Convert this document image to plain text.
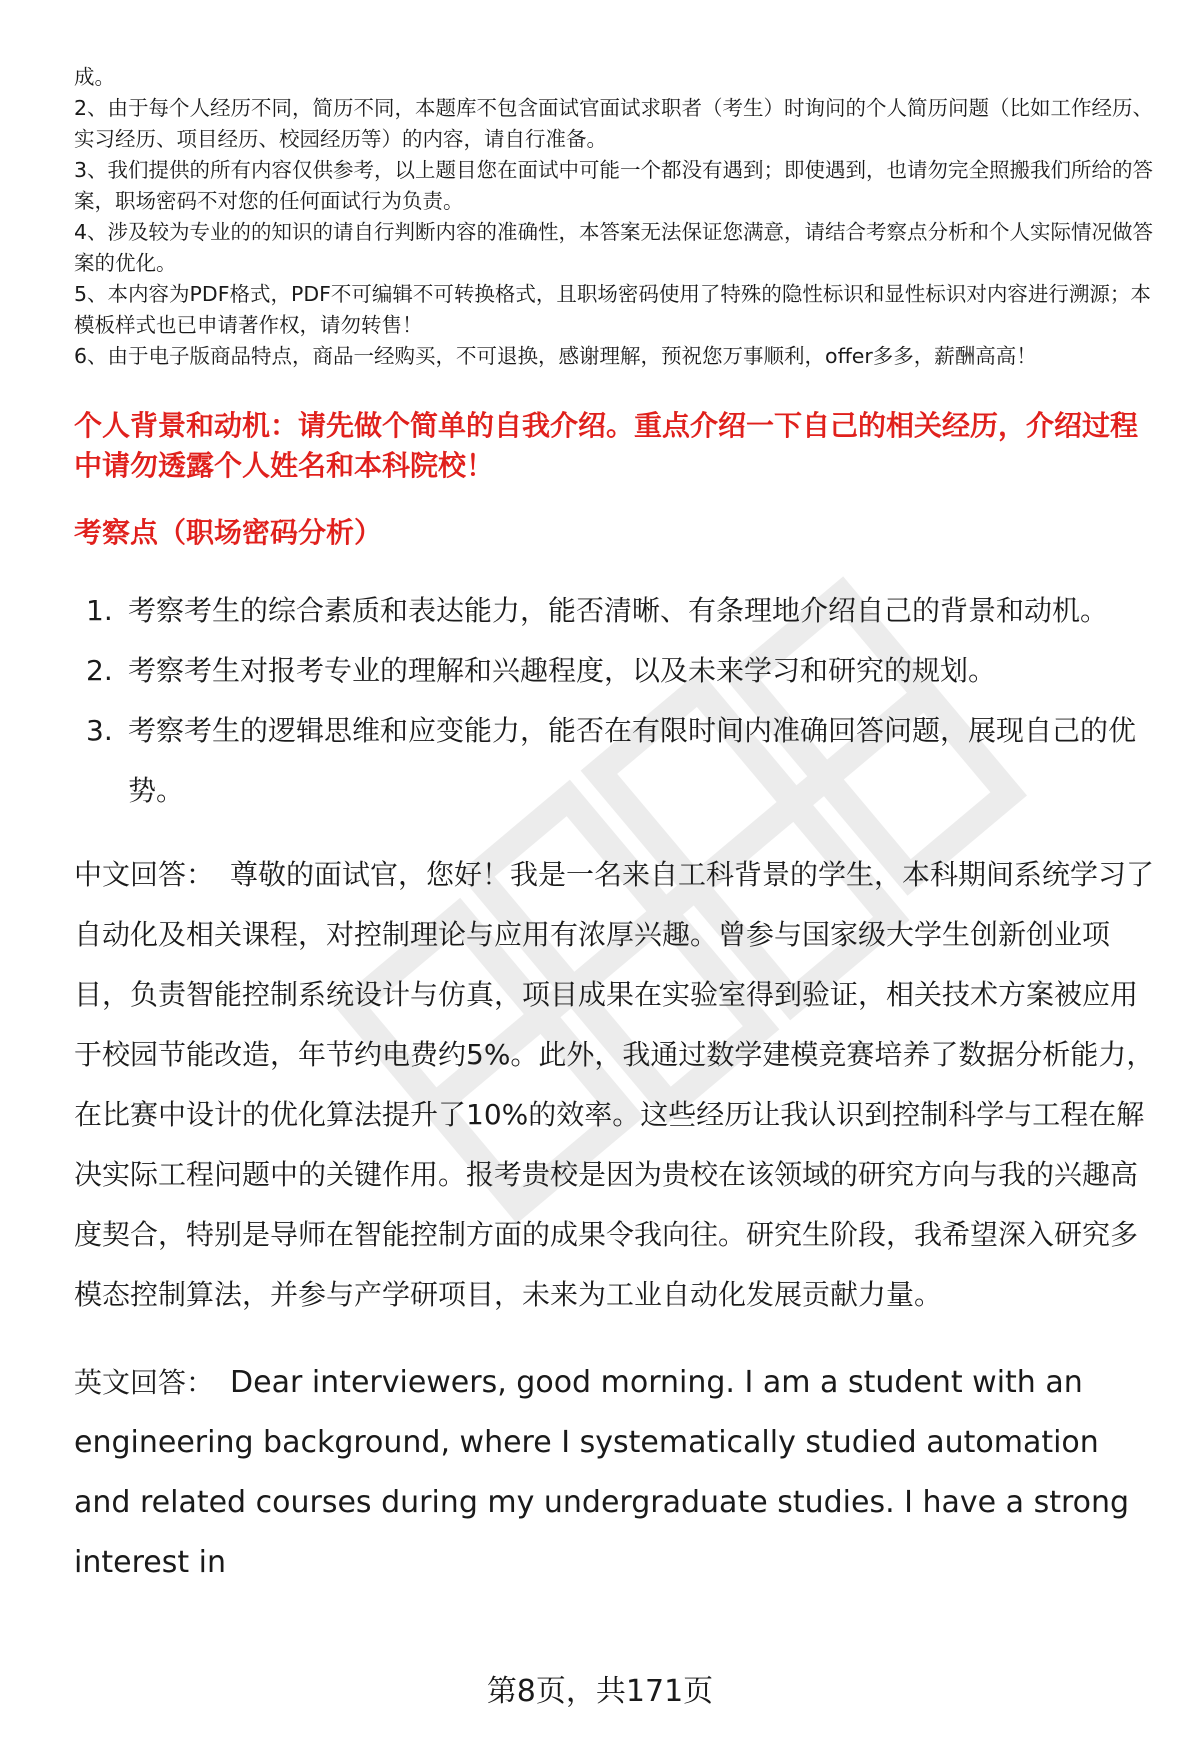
成。

2、由于每个人经历不同，简历不同，本题库不包含面试官面试求职者（考生）时询问的个人简历问题（比如工作经历、实习经历、项目经历、校园经历等）的内容，请自行准备。

3、我们提供的所有内容仅供参考，以上题目您在面试中可能一个都没有遇到；即使遇到，也请勿完全照搬我们所给的答案，职场密码不对您的任何面试行为负责。

4、涉及较为专业的的知识的请自行判断内容的准确性，本答案无法保证您满意，请结合考察点分析和个人实际情况做答案的优化。

5、本内容为PDF格式，PDF不可编辑不可转换格式，且职场密码使用了特殊的隐性标识和显性标识对内容进行溯源；本模板样式也已申请著作权，请勿转售！

6、由于电子版商品特点，商品一经购买，不可退换，感谢理解，预祝您万事顺利，offer多多，薪酬高高！

个人背景和动机：请先做个简单的自我介绍。重点介绍一下自己的相关经历，介绍过程中请勿透露个人姓名和本科院校！
考察点（职场密码分析）
1. 考察考生的综合素质和表达能力，能否清晰、有条理地介绍自己的背景和动机。
2. 考察考生对报考专业的理解和兴趣程度，以及未来学习和研究的规划。
3. 考察考生的逻辑思维和应变能力，能否在有限时间内准确回答问题，展现自己的优势。
中文回答： 尊敬的面试官，您好！我是一名来自工科背景的学生，本科期间系统学习了自动化及相关课程，对控制理论与应用有浓厚兴趣。曾参与国家级大学生创新创业项目，负责智能控制系统设计与仿真，项目成果在实验室得到验证，相关技术方案被应用于校园节能改造，年节约电费约5%。此外，我通过数学建模竞赛培养了数据分析能力，在比赛中设计的优化算法提升了10%的效率。这些经历让我认识到控制科学与工程在解决实际工程问题中的关键作用。报考贵校是因为贵校在该领域的研究方向与我的兴趣高度契合，特别是导师在智能控制方面的成果令我向往。研究生阶段，我希望深入研究多模态控制算法，并参与产学研项目，未来为工业自动化发展贡献力量。
英文回答： Dear interviewers, good morning. I am a student with an engineering background, where I systematically studied automation and related courses during my undergraduate studies. I have a strong interest in
第8页，共171页
